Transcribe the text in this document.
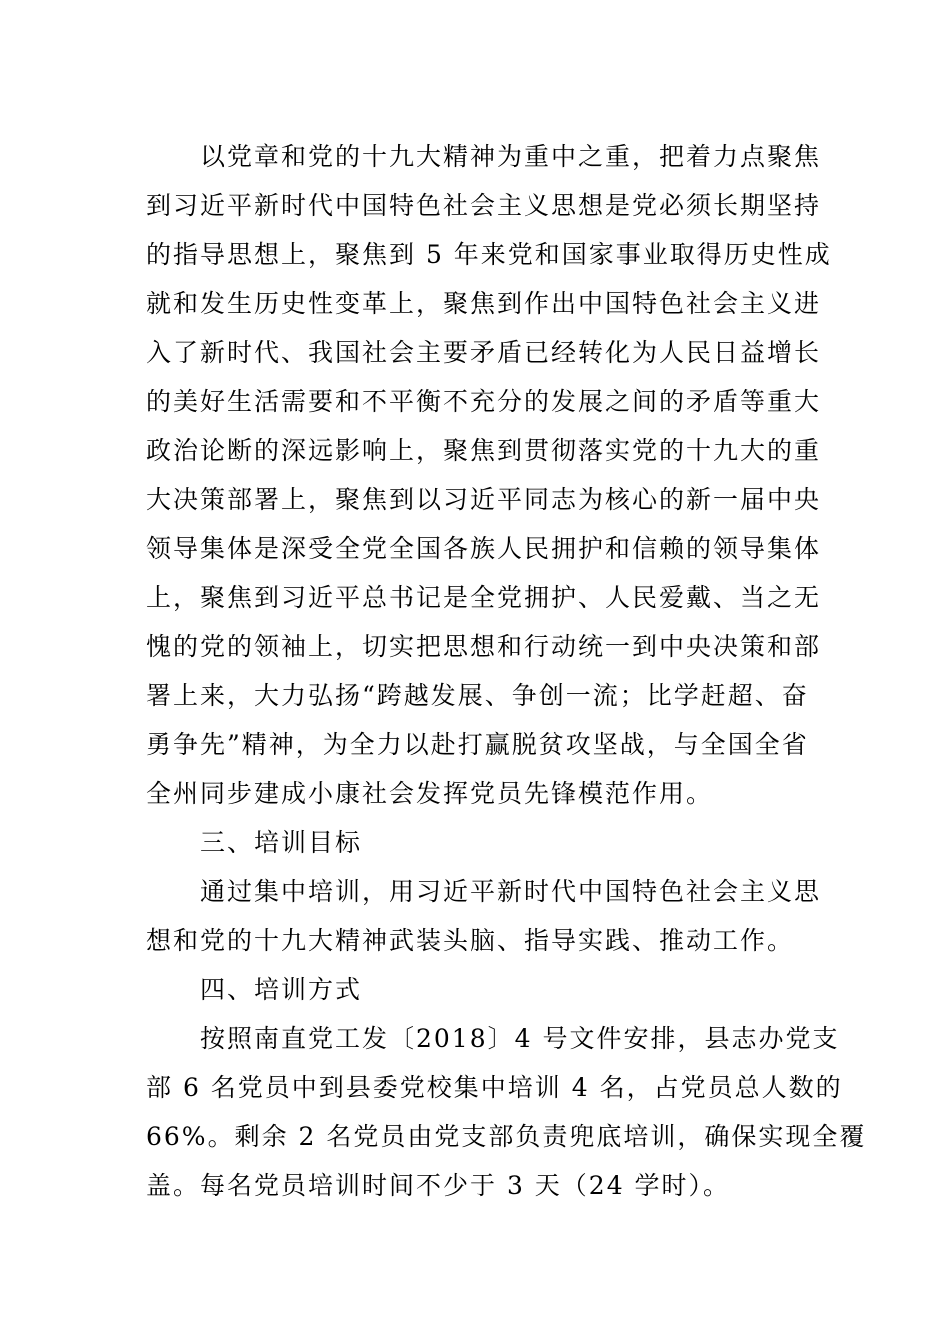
以党章和党的十九大精神为重中之重，把着力点聚焦
到习近平新时代中国特色社会主义思想是党必须长期坚持
的指导思想上，聚焦到 5 年来党和国家事业取得历史性成
就和发生历史性变革上，聚焦到作出中国特色社会主义进
入了新时代、我国社会主要矛盾已经转化为人民日益增长
的美好生活需要和不平衡不充分的发展之间的矛盾等重大
政治论断的深远影响上，聚焦到贯彻落实党的十九大的重
大决策部署上，聚焦到以习近平同志为核心的新一届中央
领导集体是深受全党全国各族人民拥护和信赖的领导集体
上，聚焦到习近平总书记是全党拥护、人民爱戴、当之无
愧的党的领袖上，切实把思想和行动统一到中央决策和部
署上来，大力弘扬“跨越发展、争创一流；比学赶超、奋
勇争先”精神，为全力以赴打赢脱贫攻坚战，与全国全省
全州同步建成小康社会发挥党员先锋模范作用。

三、培训目标

通过集中培训，用习近平新时代中国特色社会主义思
想和党的十九大精神武装头脑、指导实践、推动工作。

四、培训方式

按照南直党工发〔2018〕4 号文件安排，县志办党支
部 6 名党员中到县委党校集中培训 4 名，占党员总人数的
66%。剩余 2 名党员由党支部负责兜底培训，确保实现全覆
盖。每名党员培训时间不少于 3 天（24 学时）。
